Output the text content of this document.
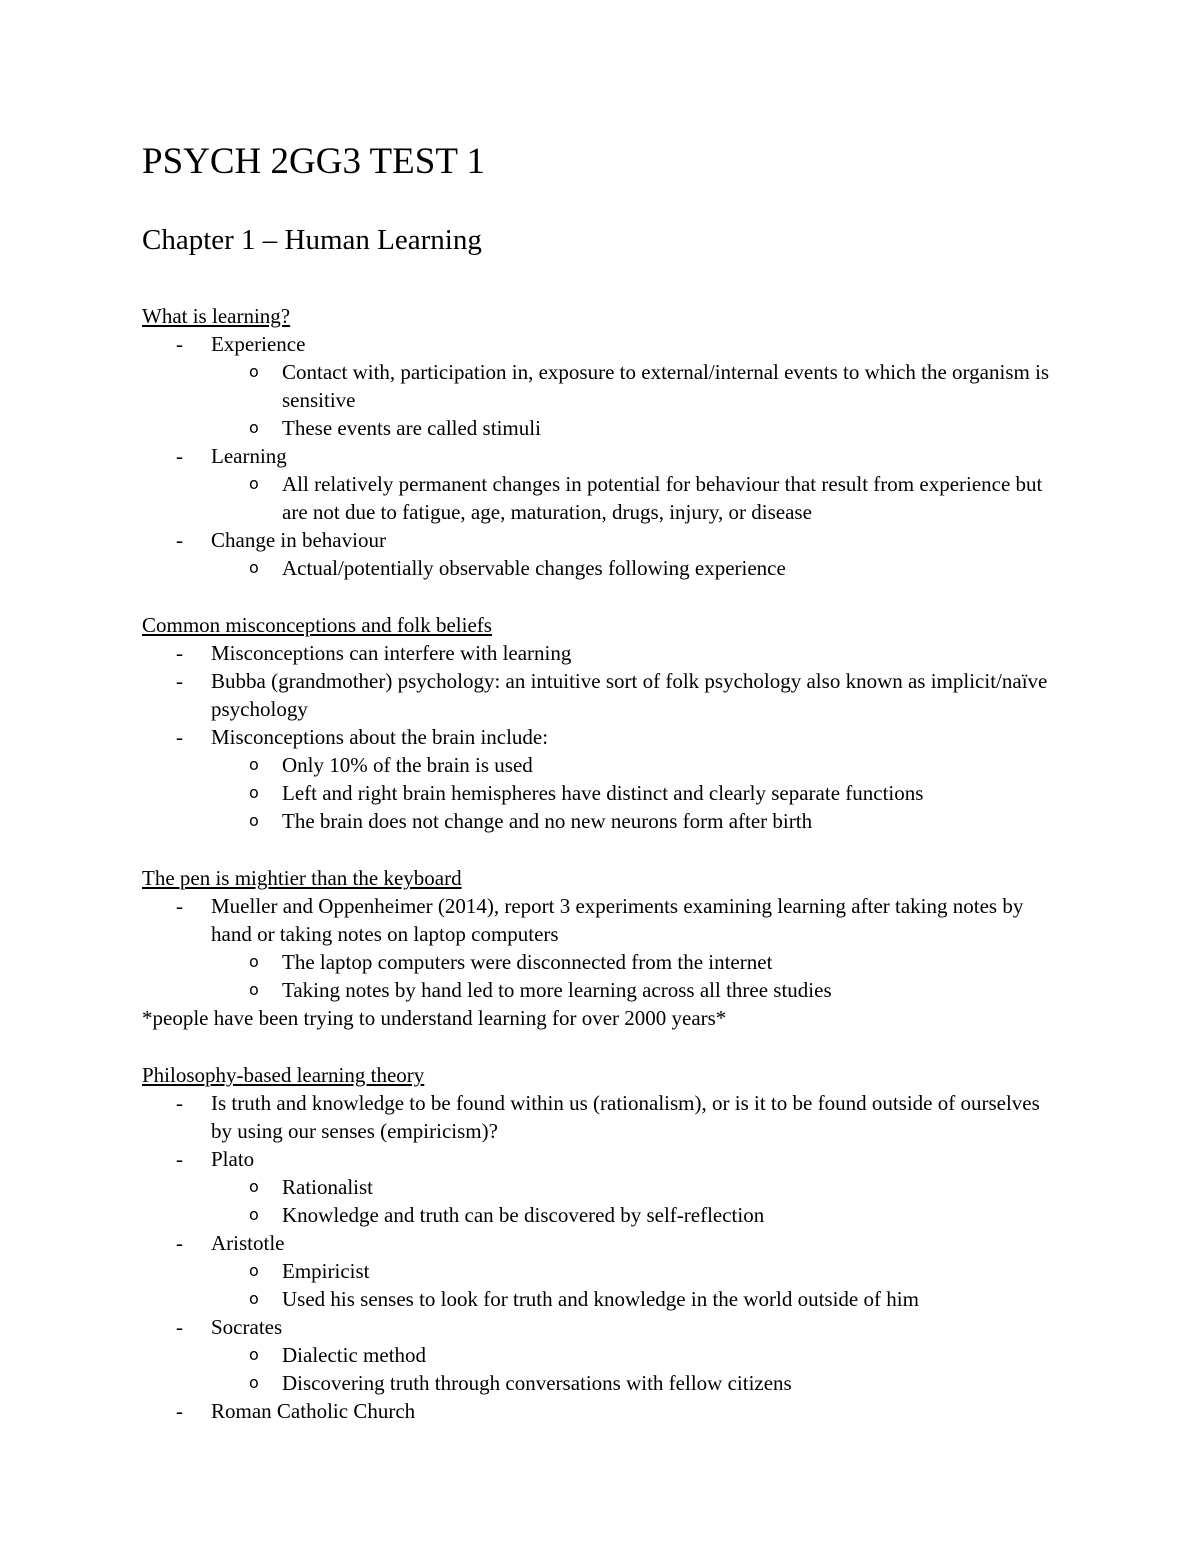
PSYCH 2GG3 TEST 1
Chapter 1 – Human Learning
What is learning?
-	Experience
o Contact with, participation in, exposure to external/internal events to which the organism is sensitive
o These events are called stimuli
-	Learning
o All relatively permanent changes in potential for behaviour that result from experience but are not due to fatigue, age, maturation, drugs, injury, or disease
-	Change in behaviour
o Actual/potentially observable changes following experience
Common misconceptions and folk beliefs
-	Misconceptions can interfere with learning
-	Bubba (grandmother) psychology: an intuitive sort of folk psychology also known as implicit/naïve psychology
-	Misconceptions about the brain include:
o Only 10% of the brain is used
o Left and right brain hemispheres have distinct and clearly separate functions
o The brain does not change and no new neurons form after birth
The pen is mightier than the keyboard
-	Mueller and Oppenheimer (2014), report 3 experiments examining learning after taking notes by hand or taking notes on laptop computers
o The laptop computers were disconnected from the internet
o Taking notes by hand led to more learning across all three studies
*people have been trying to understand learning for over 2000 years*
Philosophy-based learning theory
-	Is truth and knowledge to be found within us (rationalism), or is it to be found outside of ourselves by using our senses (empiricism)?
-	Plato
o Rationalist
o Knowledge and truth can be discovered by self-reflection
-	Aristotle
o Empiricist
o Used his senses to look for truth and knowledge in the world outside of him
-	Socrates
o Dialectic method
o Discovering truth through conversations with fellow citizens
-	Roman Catholic Church
